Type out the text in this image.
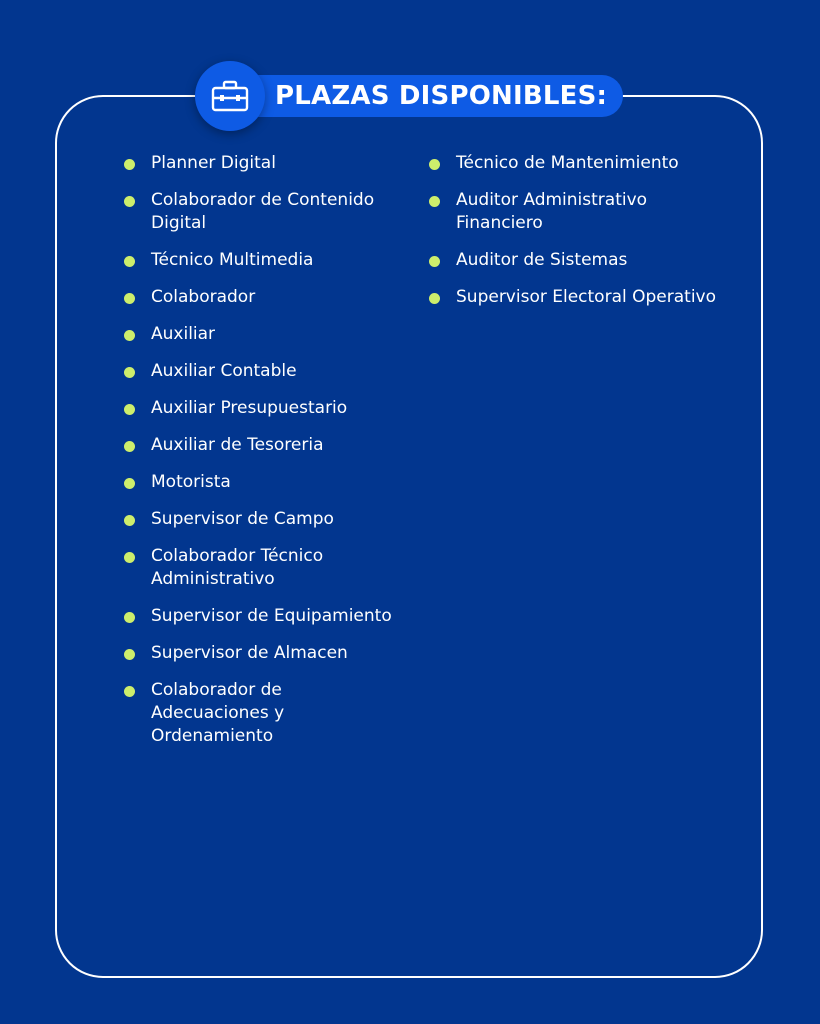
PLAZAS DISPONIBLES:
Planner Digital
Colaborador de Contenido Digital
Técnico Multimedia
Colaborador
Auxiliar
Auxiliar Contable
Auxiliar Presupuestario
Auxiliar de Tesoreria
Motorista
Supervisor de Campo
Colaborador Técnico Administrativo
Supervisor de Equipamiento
Supervisor de Almacen
Colaborador de Adecuaciones y Ordenamiento
Técnico de Mantenimiento
Auditor Administrativo Financiero
Auditor de Sistemas
Supervisor Electoral Operativo
